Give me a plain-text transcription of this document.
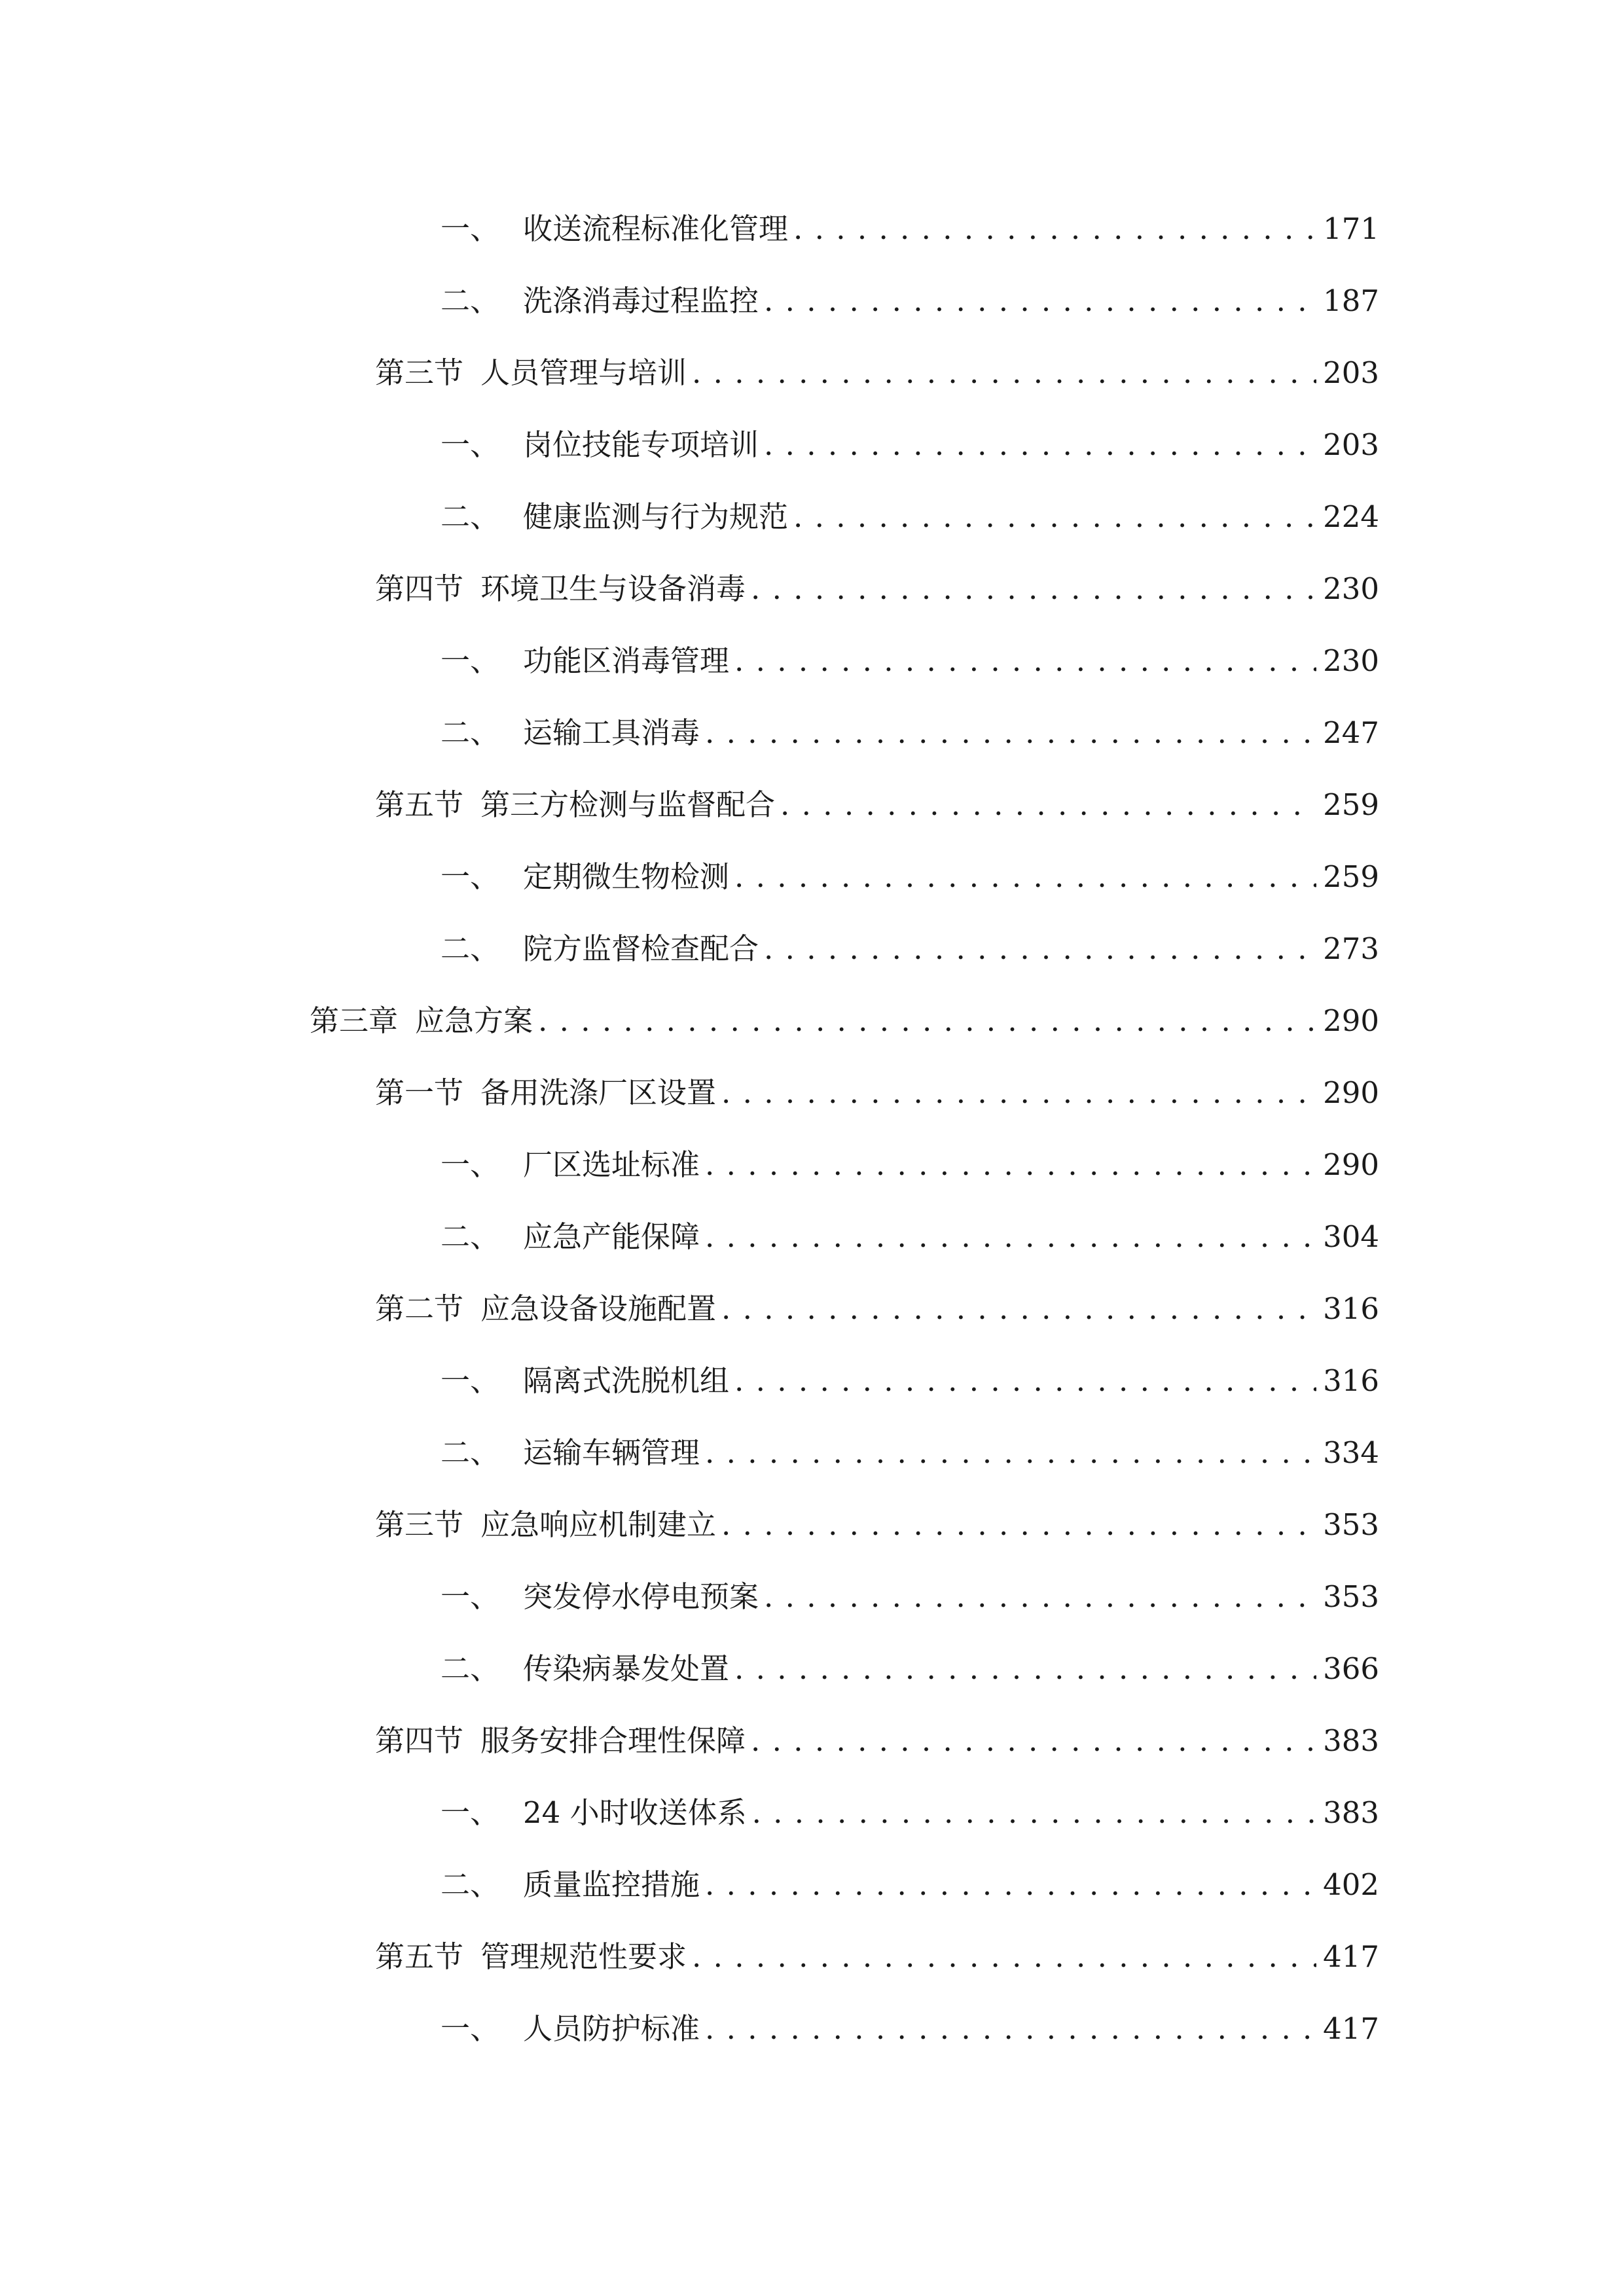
一、 收送流程标准化管理 . . .	171
二、 洗涤消毒过程监控 . . .	187
第三节 人员管理与培训 . . .	203
一、 岗位技能专项培训 . . .	203
二、 健康监测与行为规范 . . .	224
第四节 环境卫生与设备消毒 . . .	230
一、 功能区消毒管理 . . .	230
二、 运输工具消毒 . . .	247
第五节 第三方检测与监督配合 . . .	259
一、 定期微生物检测 . . .	259
二、 院方监督检查配合 . . .	273
第三章 应急方案 . . .	290
第一节 备用洗涤厂区设置 . . .	290
一、 厂区选址标准 . . .	290
二、 应急产能保障 . . .	304
第二节 应急设备设施配置 . . .	316
一、 隔离式洗脱机组 . . .	316
二、 运输车辆管理 . . .	334
第三节 应急响应机制建立 . . .	353
一、 突发停水停电预案 . . .	353
二、 传染病暴发处置 . . .	366
第四节 服务安排合理性保障 . . .	383
一、 24 小时收送体系 . . .	383
二、 质量监控措施 . . .	402
第五节 管理规范性要求 . . .	417
一、 人员防护标准 . . .	417
